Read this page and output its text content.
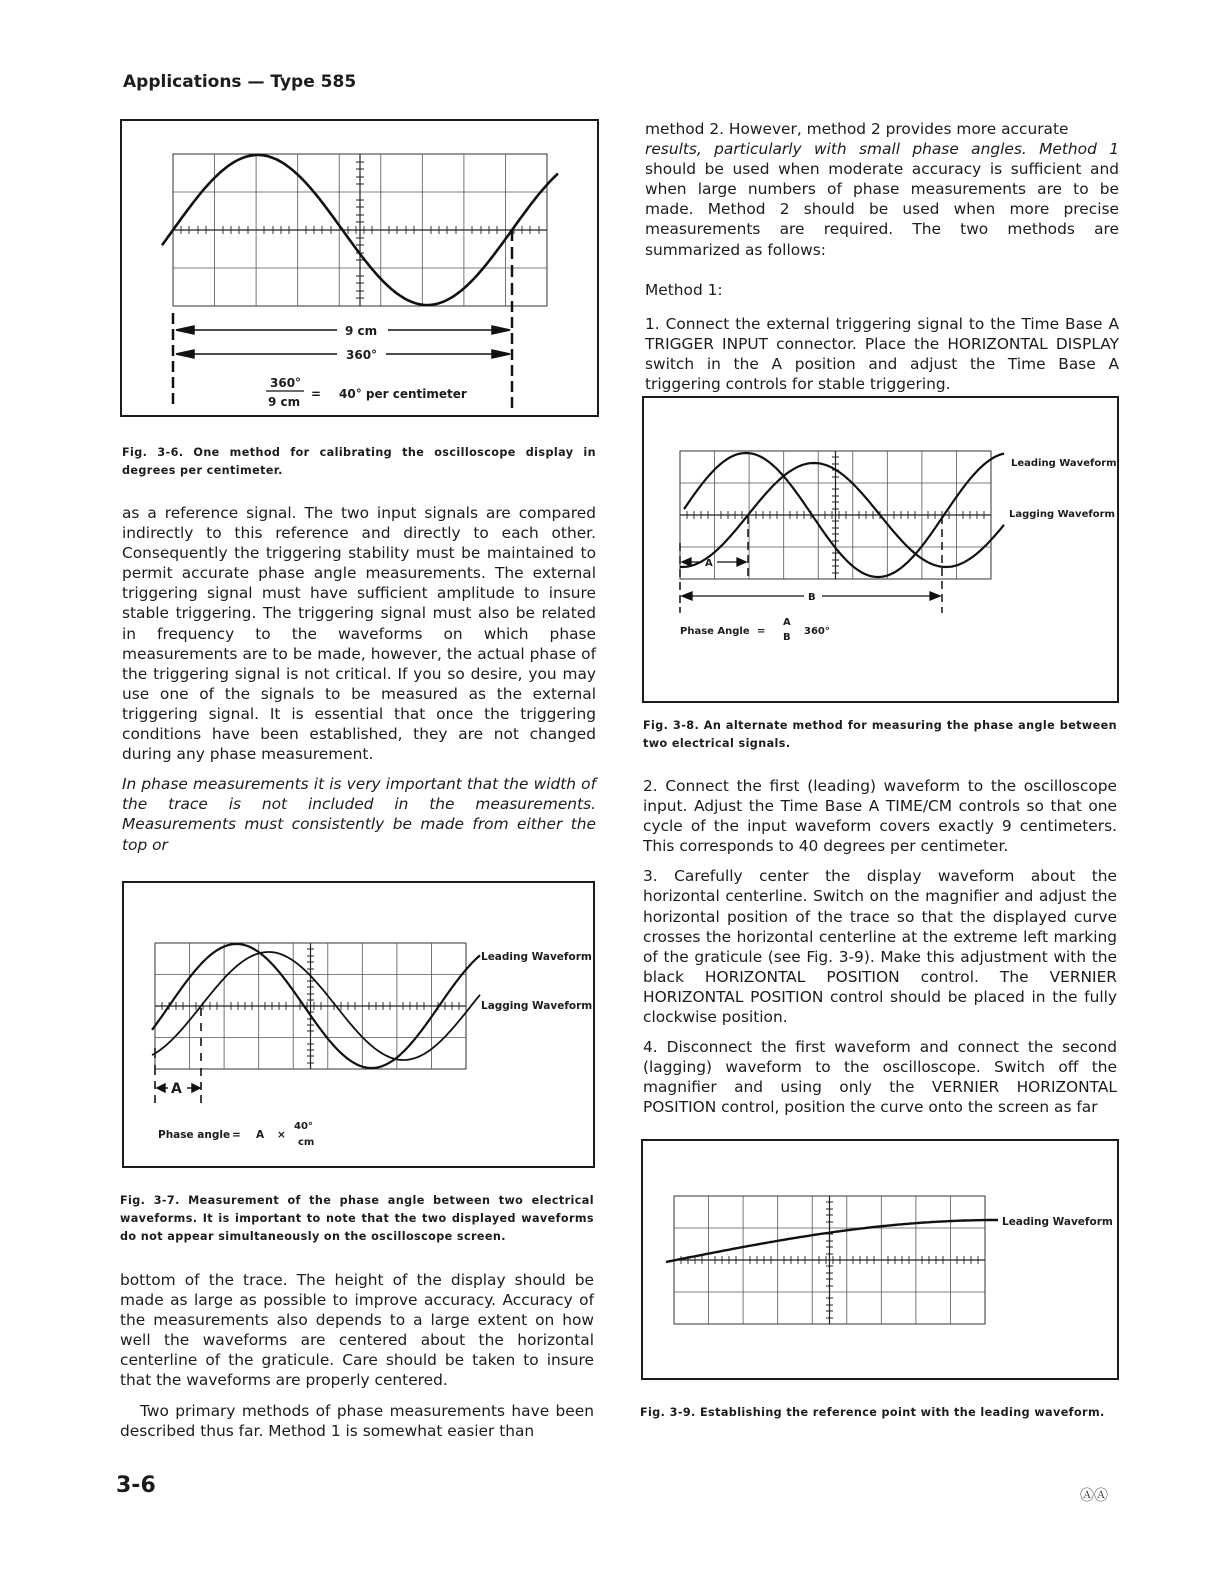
Applications — Type 585
9 cm
360°
360°
9 cm
= 40° per centimeter
Fig. 3-6. One method for calibrating the oscilloscope display in degrees per centimeter.

as a reference signal. The two input signals are compared indirectly to this reference and directly to each other. Consequently the triggering stability must be maintained to permit accurate phase angle measurements. The external triggering signal must have sufficient amplitude to insure stable triggering. The triggering signal must also be related in frequency to the waveforms on which phase measurements are to be made, however, the actual phase of the triggering signal is not critical. If you so desire, you may use one of the signals to be measured as the external triggering signal. It is essential that once the triggering conditions have been established, they are not changed during any phase measurement.

In phase measurements it is very important that the width of the trace is not included in the measurements. Measurements must consistently be made from either the top or

A
Leading Waveform
Lagging Waveform
Phase angle = A ×
40°
cm
Fig. 3-7. Measurement of the phase angle between two electrical waveforms. It is important to note that the two displayed waveforms do not appear simultaneously on the oscilloscope screen.

bottom of the trace. The height of the display should be made as large as possible to improve accuracy. Accuracy of the measurements also depends to a large extent on how well the waveforms are centered about the horizontal centerline of the graticule. Care should be taken to insure that the waveforms are properly centered.

Two primary methods of phase measurements have been described thus far. Method 1 is somewhat easier than

method 2. However, method 2 provides more accurate
results, particularly with small phase angles. Method 1 should be used when moderate accuracy is sufficient and when large numbers of phase measurements are to be made. Method 2 should be used when more precise measurements are required. The two methods are summarized as follows:

Method 1:

1. Connect the external triggering signal to the Time Base A TRIGGER INPUT connector. Place the HORIZONTAL DISPLAY switch in the A position and adjust the Time Base A triggering controls for stable triggering.

A
B
Leading Waveform
Lagging Waveform
Phase Angle =
A
B
360°
Fig. 3-8. An alternate method for measuring the phase angle between two electrical signals.

2. Connect the first (leading) waveform to the oscilloscope input. Adjust the Time Base A TIME/CM controls so that one cycle of the input waveform covers exactly 9 centimeters. This corresponds to 40 degrees per centimeter.

3. Carefully center the display waveform about the horizontal centerline. Switch on the magnifier and adjust the horizontal position of the trace so that the displayed curve crosses the horizontal centerline at the extreme left marking of the graticule (see Fig. 3-9). Make this adjustment with the black HORIZONTAL POSITION control. The VERNIER HORIZONTAL POSITION control should be placed in the fully clockwise position.

4. Disconnect the first waveform and connect the second (lagging) waveform to the oscilloscope. Switch off the magnifier and using only the VERNIER HORIZONTAL POSITION control, position the curve onto the screen as far

Leading Waveform
Fig. 3-9. Establishing the reference point with the leading waveform.
3-6	ⒶⒶ
